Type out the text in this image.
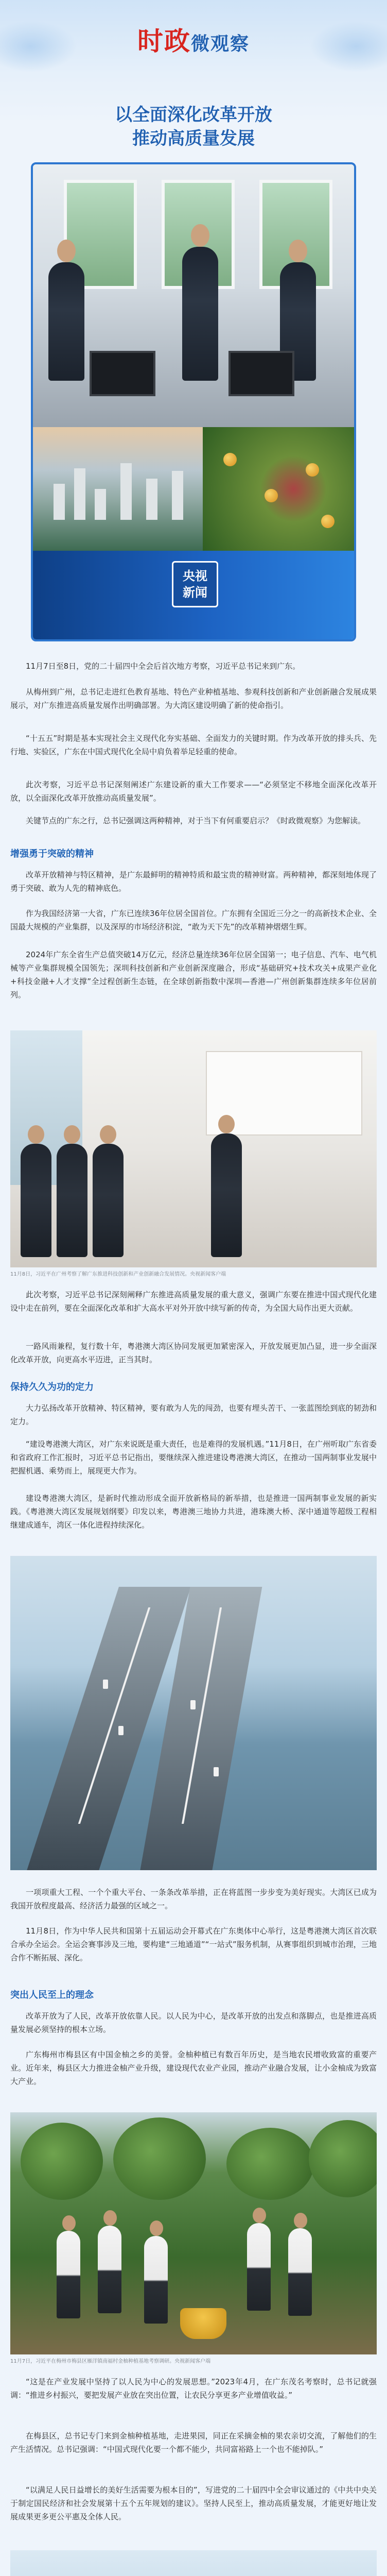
时政微观察
以全面深化改革开放
推动高质量发展
央视
新闻
11月7日至8日，党的二十届四中全会后首次地方考察，习近平总书记来到广东。
从梅州到广州，总书记走进红色教育基地、特色产业种植基地、参观科技创新和产业创新融合发展成果展示，对广东推进高质量发展作出明确部署。为大湾区建设明确了新的使命指引。
“十五五”时期是基本实现社会主义现代化夯实基础、全面发力的关键时期。作为改革开放的排头兵、先行地、实验区，广东在中国式现代化全局中肩负着举足轻重的使命。
此次考察，习近平总书记深刻阐述广东建设新的重大工作要求——“必须坚定不移地全面深化改革开放，以全面深化改革开放推动高质量发展”。
关键节点的广东之行，总书记强调这两种精神，对于当下有何重要启示？《时政微观察》为您解读。
增强勇于突破的精神
改革开放精神与特区精神，是广东最鲜明的精神特质和最宝贵的精神财富。两种精神，都深刻地体现了勇于突破、敢为人先的精神底色。
作为我国经济第一大省，广东已连续36年位居全国首位。广东拥有全国近三分之一的高新技术企业、全国最大规模的产业集群，以及深厚的市场经济积淀，“敢为天下先”的改革精神熠熠生辉。
2024年广东全省生产总值突破14万亿元，经济总量连续36年位居全国第一；电子信息、汽车、电气机械等产业集群规模全国领先；深圳科技创新和产业创新深度融合，形成“基础研究+技术攻关+成果产业化+科技金融+人才支撑”全过程创新生态链，在全球创新指数中深圳—香港—广州创新集群连续多年位居前列。
11月8日，习近平在广州考察了解广东推进科技创新和产业创新融合发展情况。央视新闻客户端
此次考察，习近平总书记深刻阐释广东推进高质量发展的重大意义，强调广东要在推进中国式现代化建设中走在前列，要在全面深化改革和扩大高水平对外开放中续写新的传奇，为全国大局作出更大贡献。
一路风雨兼程，复行数十年，粤港澳大湾区协同发展更加紧密深入，开放发展更加凸显，进一步全面深化改革开放，向更高水平迈进，正当其时。
保持久久为功的定力
大力弘扬改革开放精神、特区精神，要有敢为人先的闯劲，也要有埋头苦干、一张蓝图绘到底的韧劲和定力。
“建设粤港澳大湾区，对广东来说既是重大责任，也是难得的发展机遇。”11月8日，在广州听取广东省委和省政府工作汇报时，习近平总书记指出，要继续深入推进建设粤港澳大湾区，在推动一国两制事业发展中把握机遇、乘势而上，展现更大作为。
建设粤港澳大湾区，是新时代推动形成全面开放新格局的新举措，也是推进一国两制事业发展的新实践。《粤港澳大湾区发展规划纲要》印发以来，粤港澳三地协力共进，港珠澳大桥、深中通道等超级工程相继建成通车，湾区一体化进程持续深化。
一项项重大工程、一个个重大平台、一条条改革举措，正在将蓝图一步步变为美好现实。大湾区已成为我国开放程度最高、经济活力最强的区域之一。
11月8日，作为中华人民共和国第十五届运动会开幕式在广东奥体中心举行，这是粤港澳大湾区首次联合承办全运会。全运会赛事涉及三地，要构建“三地通道”“一站式”服务机制，从赛事组织到城市治理，三地合作不断拓展、深化。
突出人民至上的理念
改革开放为了人民，改革开放依靠人民。以人民为中心，是改革开放的出发点和落脚点，也是推进高质量发展必须坚持的根本立场。
广东梅州市梅县区有中国金柚之乡的美誉。金柚种植已有数百年历史，是当地农民增收致富的重要产业。近年来，梅县区大力推进金柚产业升级，建设现代农业产业园，推动产业融合发展，让小金柚成为致富大产业。
11月7日，习近平在梅州市梅县区雁洋镇南福村金柚种植基地考察调研。央视新闻客户端
“这是在产业发展中坚持了以人民为中心的发展思想。”2023年4月，在广东茂名考察时，总书记就强调：“推进乡村振兴，要把发展产业放在突出位置，让农民分享更多产业增值收益。”
在梅县区，总书记专门来到金柚种植基地，走进果园，同正在采摘金柚的果农亲切交流，了解他们的生产生活情况。总书记强调：“中国式现代化要一个都不能少，共同富裕路上一个也不能掉队。”
“以满足人民日益增长的美好生活需要为根本目的”，写进党的二十届四中全会审议通过的《中共中央关于制定国民经济和社会发展第十五个五年规划的建议》。坚持人民至上，推动高质量发展，才能更好地让发展成果更多更公平惠及全体人民。
